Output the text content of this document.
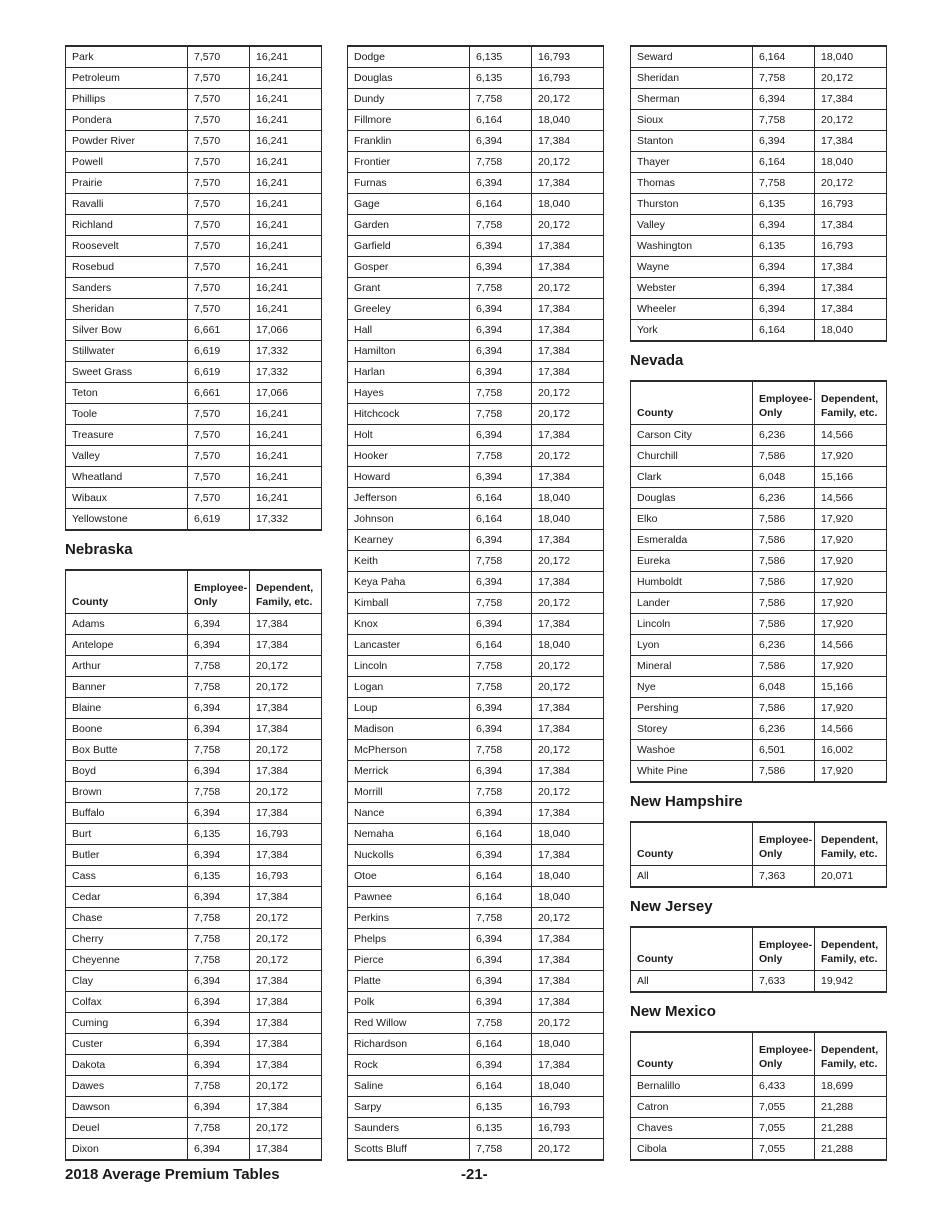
Park	7,570	16,241
Petroleum	7,570	16,241
Phillips	7,570	16,241
Pondera	7,570	16,241
Powder River	7,570	16,241
Powell	7,570	16,241
Prairie	7,570	16,241
Ravalli	7,570	16,241
Richland	7,570	16,241
Roosevelt	7,570	16,241
Rosebud	7,570	16,241
Sanders	7,570	16,241
Sheridan	7,570	16,241
Silver Bow	6,661	17,066
Stillwater	6,619	17,332
Sweet Grass	6,619	17,332
Teton	6,661	17,066
Toole	7,570	16,241
Treasure	7,570	16,241
Valley	7,570	16,241
Wheatland	7,570	16,241
Wibaux	7,570	16,241
Yellowstone	6,619	17,332
Nebraska
County	Employee-Only	Dependent, Family, etc.
Adams	6,394	17,384
Antelope	6,394	17,384
Arthur	7,758	20,172
Banner	7,758	20,172
Blaine	6,394	17,384
Boone	6,394	17,384
Box Butte	7,758	20,172
Boyd	6,394	17,384
Brown	7,758	20,172
Buffalo	6,394	17,384
Burt	6,135	16,793
Butler	6,394	17,384
Cass	6,135	16,793
Cedar	6,394	17,384
Chase	7,758	20,172
Cherry	7,758	20,172
Cheyenne	7,758	20,172
Clay	6,394	17,384
Colfax	6,394	17,384
Cuming	6,394	17,384
Custer	6,394	17,384
Dakota	6,394	17,384
Dawes	7,758	20,172
Dawson	6,394	17,384
Deuel	7,758	20,172
Dixon	6,394	17,384
Dodge	6,135	16,793
Douglas	6,135	16,793
Dundy	7,758	20,172
Fillmore	6,164	18,040
Franklin	6,394	17,384
Frontier	7,758	20,172
Furnas	6,394	17,384
Gage	6,164	18,040
Garden	7,758	20,172
Garfield	6,394	17,384
Gosper	6,394	17,384
Grant	7,758	20,172
Greeley	6,394	17,384
Hall	6,394	17,384
Hamilton	6,394	17,384
Harlan	6,394	17,384
Hayes	7,758	20,172
Hitchcock	7,758	20,172
Holt	6,394	17,384
Hooker	7,758	20,172
Howard	6,394	17,384
Jefferson	6,164	18,040
Johnson	6,164	18,040
Kearney	6,394	17,384
Keith	7,758	20,172
Keya Paha	6,394	17,384
Kimball	7,758	20,172
Knox	6,394	17,384
Lancaster	6,164	18,040
Lincoln	7,758	20,172
Logan	7,758	20,172
Loup	6,394	17,384
Madison	6,394	17,384
McPherson	7,758	20,172
Merrick	6,394	17,384
Morrill	7,758	20,172
Nance	6,394	17,384
Nemaha	6,164	18,040
Nuckolls	6,394	17,384
Otoe	6,164	18,040
Pawnee	6,164	18,040
Perkins	7,758	20,172
Phelps	6,394	17,384
Pierce	6,394	17,384
Platte	6,394	17,384
Polk	6,394	17,384
Red Willow	7,758	20,172
Richardson	6,164	18,040
Rock	6,394	17,384
Saline	6,164	18,040
Sarpy	6,135	16,793
Saunders	6,135	16,793
Scotts Bluff	7,758	20,172
Seward	6,164	18,040
Sheridan	7,758	20,172
Sherman	6,394	17,384
Sioux	7,758	20,172
Stanton	6,394	17,384
Thayer	6,164	18,040
Thomas	7,758	20,172
Thurston	6,135	16,793
Valley	6,394	17,384
Washington	6,135	16,793
Wayne	6,394	17,384
Webster	6,394	17,384
Wheeler	6,394	17,384
York	6,164	18,040
Nevada
County	Employee-Only	Dependent, Family, etc.
Carson City	6,236	14,566
Churchill	7,586	17,920
Clark	6,048	15,166
Douglas	6,236	14,566
Elko	7,586	17,920
Esmeralda	7,586	17,920
Eureka	7,586	17,920
Humboldt	7,586	17,920
Lander	7,586	17,920
Lincoln	7,586	17,920
Lyon	6,236	14,566
Mineral	7,586	17,920
Nye	6,048	15,166
Pershing	7,586	17,920
Storey	6,236	14,566
Washoe	6,501	16,002
White Pine	7,586	17,920
New Hampshire
County	Employee-Only	Dependent, Family, etc.
All	7,363	20,071
New Jersey
County	Employee-Only	Dependent, Family, etc.
All	7,633	19,942
New Mexico
County	Employee-Only	Dependent, Family, etc.
Bernalillo	6,433	18,699
Catron	7,055	21,288
Chaves	7,055	21,288
Cibola	7,055	21,288
2018 Average Premium Tables	-21-
